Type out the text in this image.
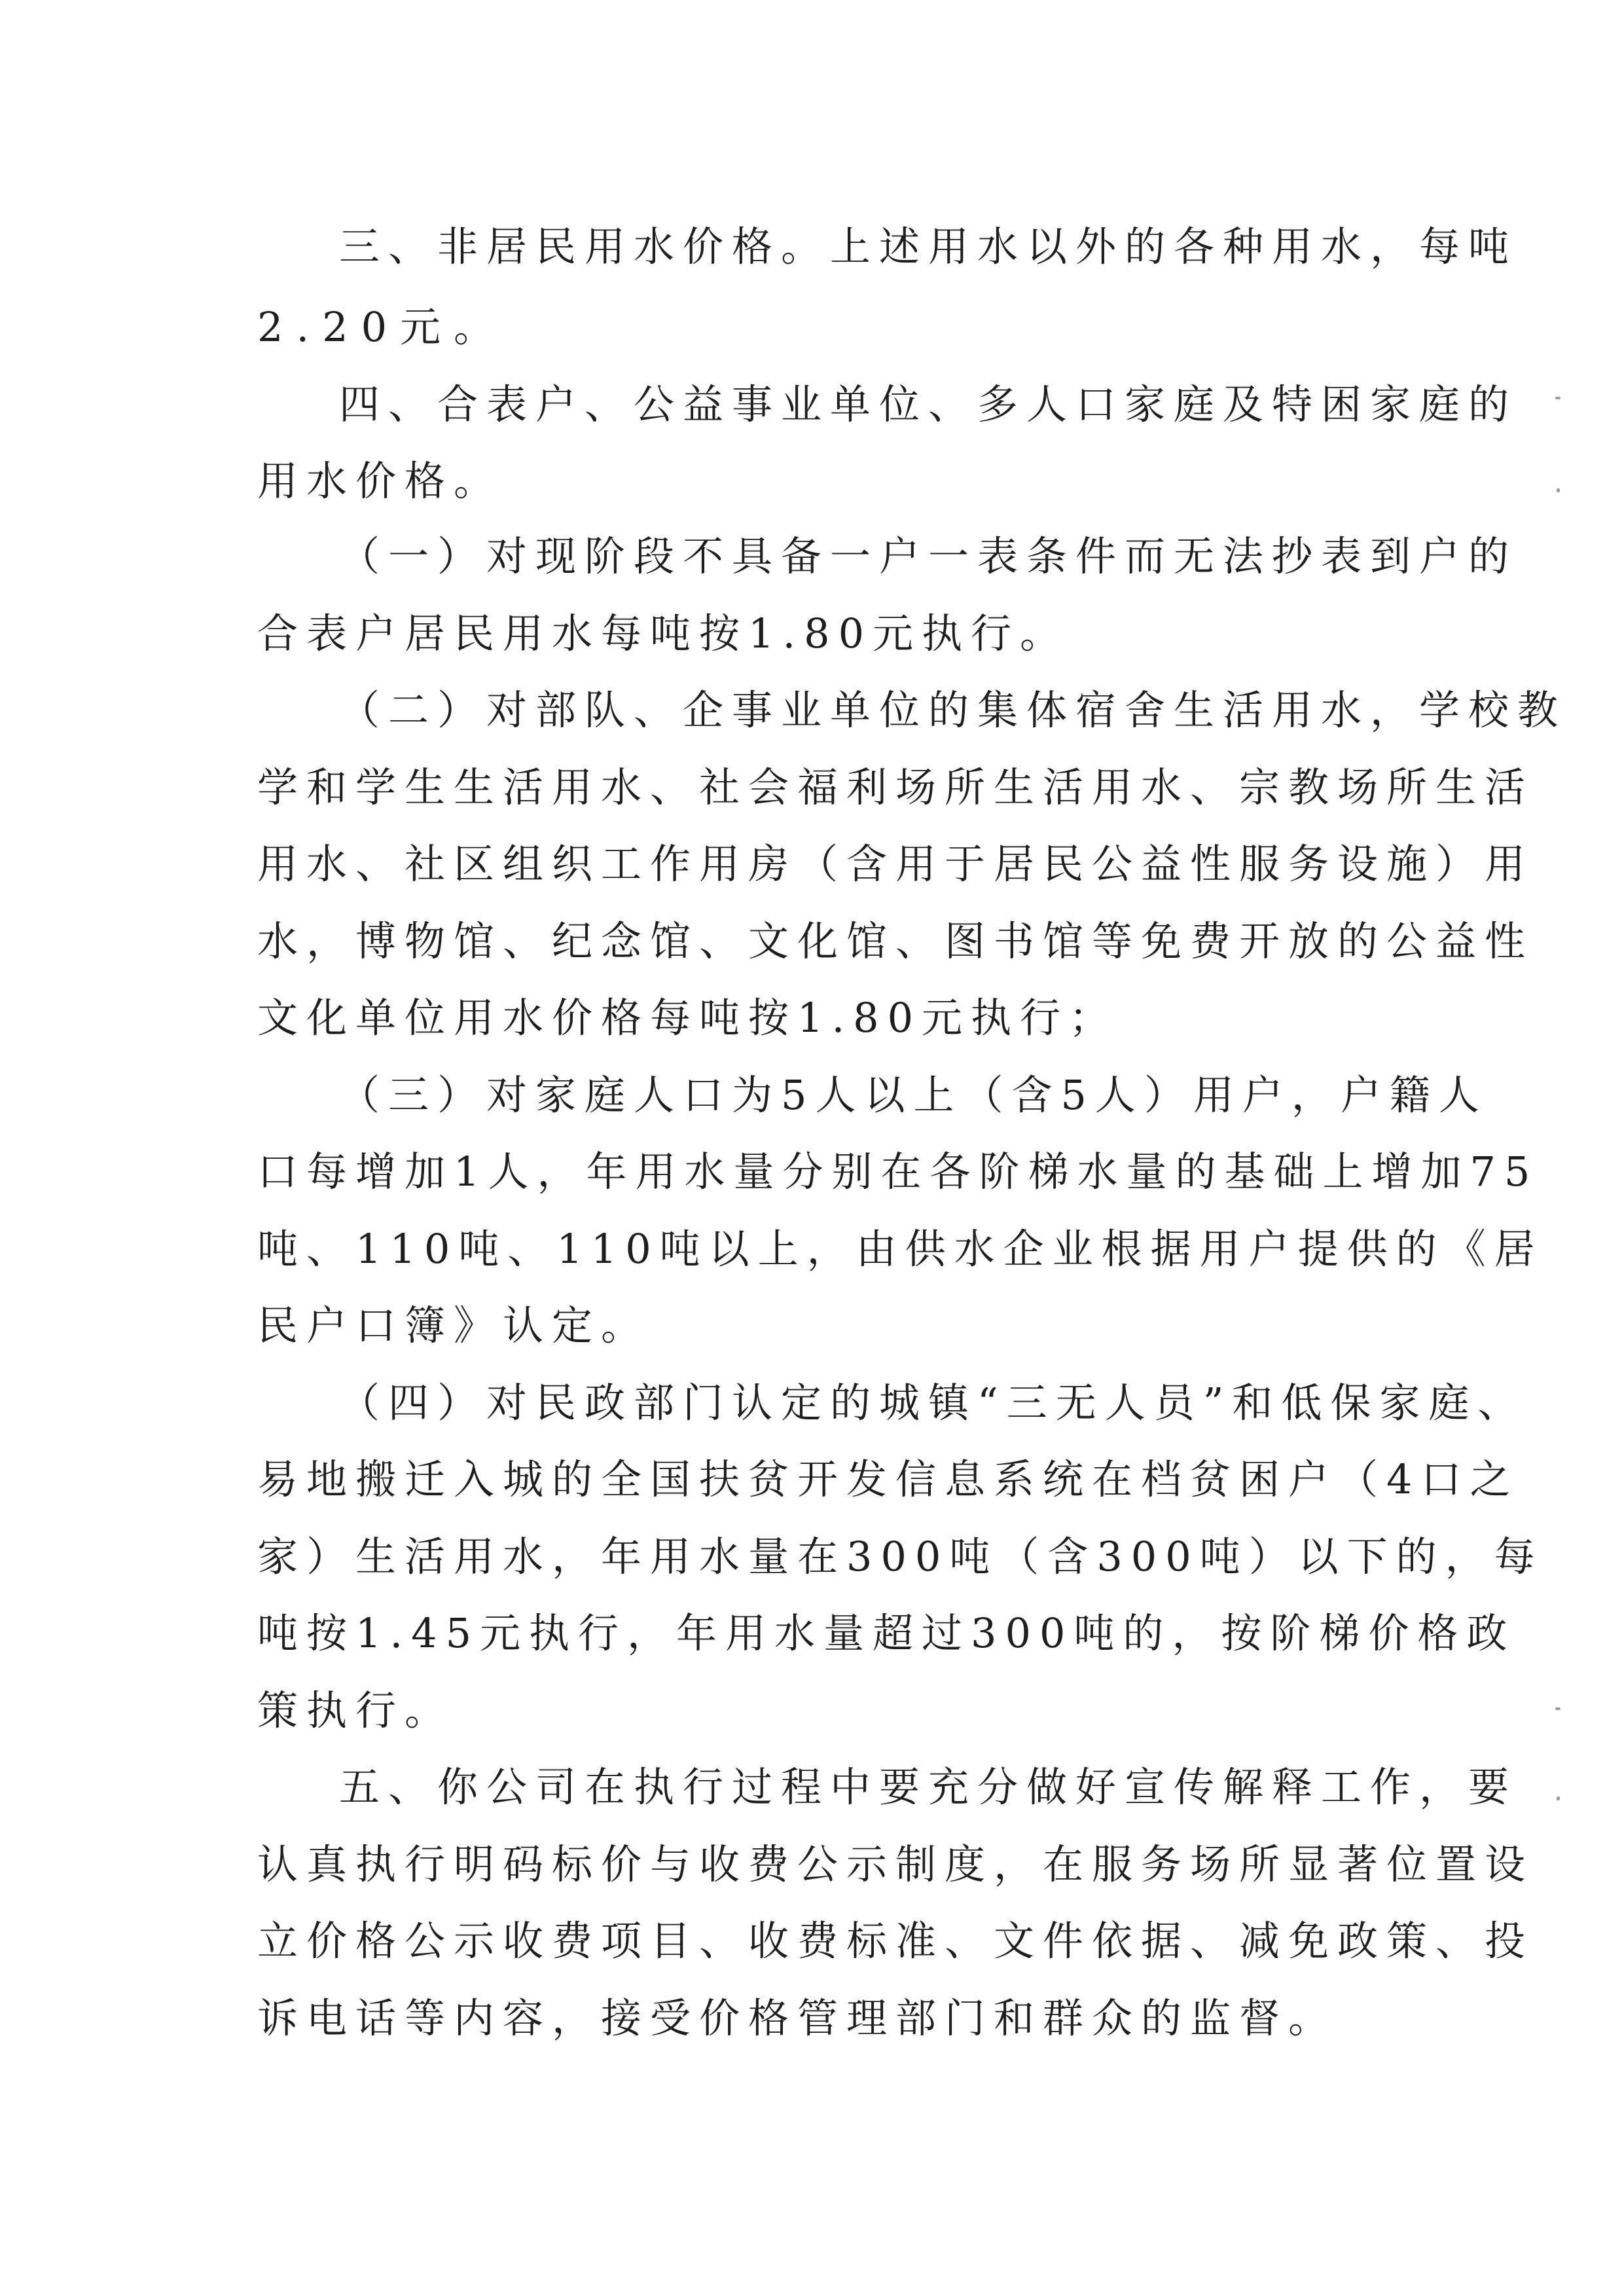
三、非居民用水价格。上述用水以外的各种用水，每吨
2.20元。
四、合表户、公益事业单位、多人口家庭及特困家庭的
用水价格。
（一）对现阶段不具备一户一表条件而无法抄表到户的
合表户居民用水每吨按1.80元执行。
（二）对部队、企事业单位的集体宿舍生活用水，学校教
学和学生生活用水、社会福利场所生活用水、宗教场所生活
用水、社区组织工作用房（含用于居民公益性服务设施）用
水，博物馆、纪念馆、文化馆、图书馆等免费开放的公益性
文化单位用水价格每吨按1.80元执行；
（三）对家庭人口为5人以上（含5人）用户，户籍人
口每增加1人，年用水量分别在各阶梯水量的基础上增加75
吨、110吨、110吨以上，由供水企业根据用户提供的《居
民户口簿》认定。
（四）对民政部门认定的城镇“三无人员”和低保家庭、
易地搬迁入城的全国扶贫开发信息系统在档贫困户（4口之
家）生活用水，年用水量在300吨（含300吨）以下的，每
吨按1.45元执行，年用水量超过300吨的，按阶梯价格政
策执行。
五、你公司在执行过程中要充分做好宣传解释工作，要
认真执行明码标价与收费公示制度，在服务场所显著位置设
立价格公示收费项目、收费标准、文件依据、减免政策、投
诉电话等内容，接受价格管理部门和群众的监督。
